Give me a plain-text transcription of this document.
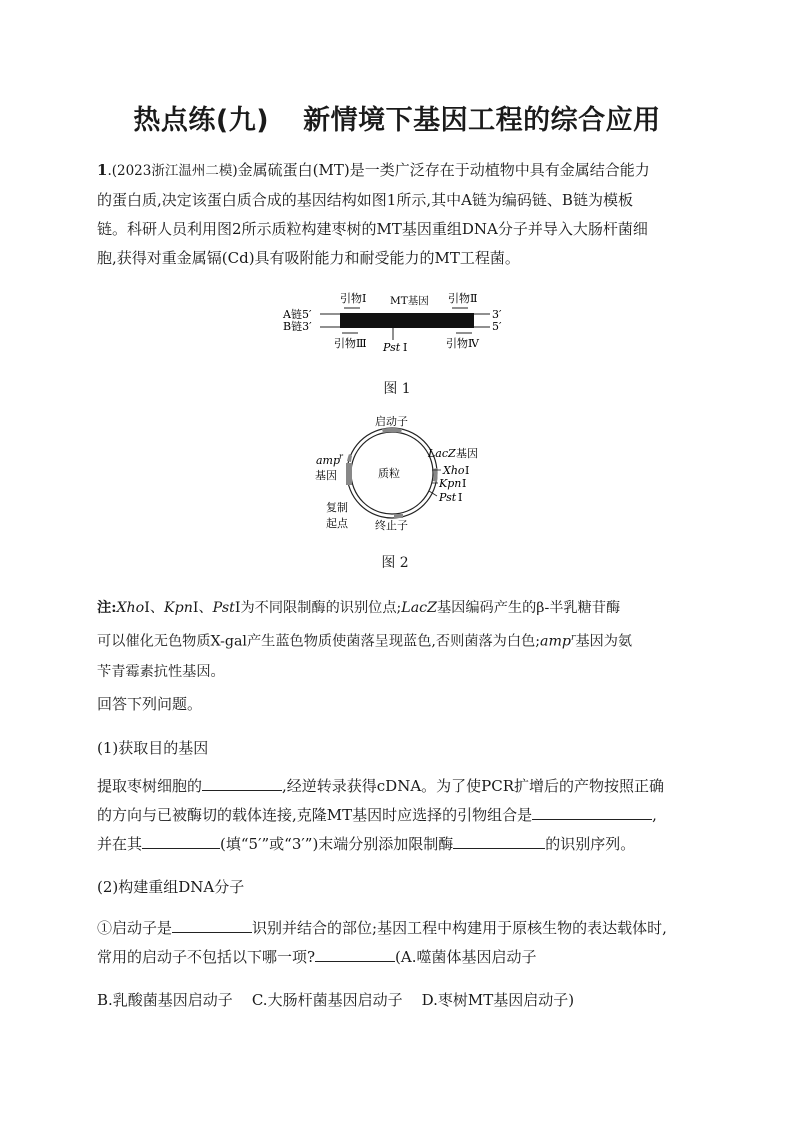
热点练(九) 新情境下基因工程的综合应用
1.(2023浙江温州二模)金属硫蛋白(MT)是一类广泛存在于动植物中具有金属结合能力
的蛋白质,决定该蛋白质合成的基因结构如图1所示,其中A链为编码链、B链为模板
链。科研人员利用图2所示质粒构建枣树的MT基因重组DNA分子并导入大肠杆菌细
胞,获得对重金属镉(Cd)具有吸附能力和耐受能力的MT工程菌。
A链5′
B链3′
3′
5′
引物Ⅰ MT基因 引物Ⅱ
引物Ⅲ Pst Ⅰ	引物Ⅳ
图 1
启动子
LacZ 基因
Xho Ⅰ
Kpn Ⅰ
Pst Ⅰ
amp
r
基因	质粒
复制
起点 终止子
图 2
注:XhoⅠ、KpnⅠ、PstⅠ为不同限制酶的识别位点;LacZ基因编码产生的β-半乳糖苷酶
可以催化无色物质X-gal产生蓝色物质使菌落呈现蓝色,否则菌落为白色;amp$^r$基因为氨
苄青霉素抗性基因。
回答下列问题。
(1)获取目的基因
提取枣树细胞的	,经逆转录获得cDNA。为了使PCR扩增后的产物按照正确
的方向与已被酶切的载体连接,克隆MT基因时应选择的引物组合是	,
并在其	(填“5′”或“3′”)末端分别添加限制酶	的识别序列。
(2)构建重组DNA分子
①启动子是	识别并结合的部位;基因工程中构建用于原核生物的表达载体时,
常用的启动子不包括以下哪一项?	(A.噬菌体基因启动子
B.乳酸菌基因启动子    C.大肠杆菌基因启动子    D.枣树MT基因启动子)
